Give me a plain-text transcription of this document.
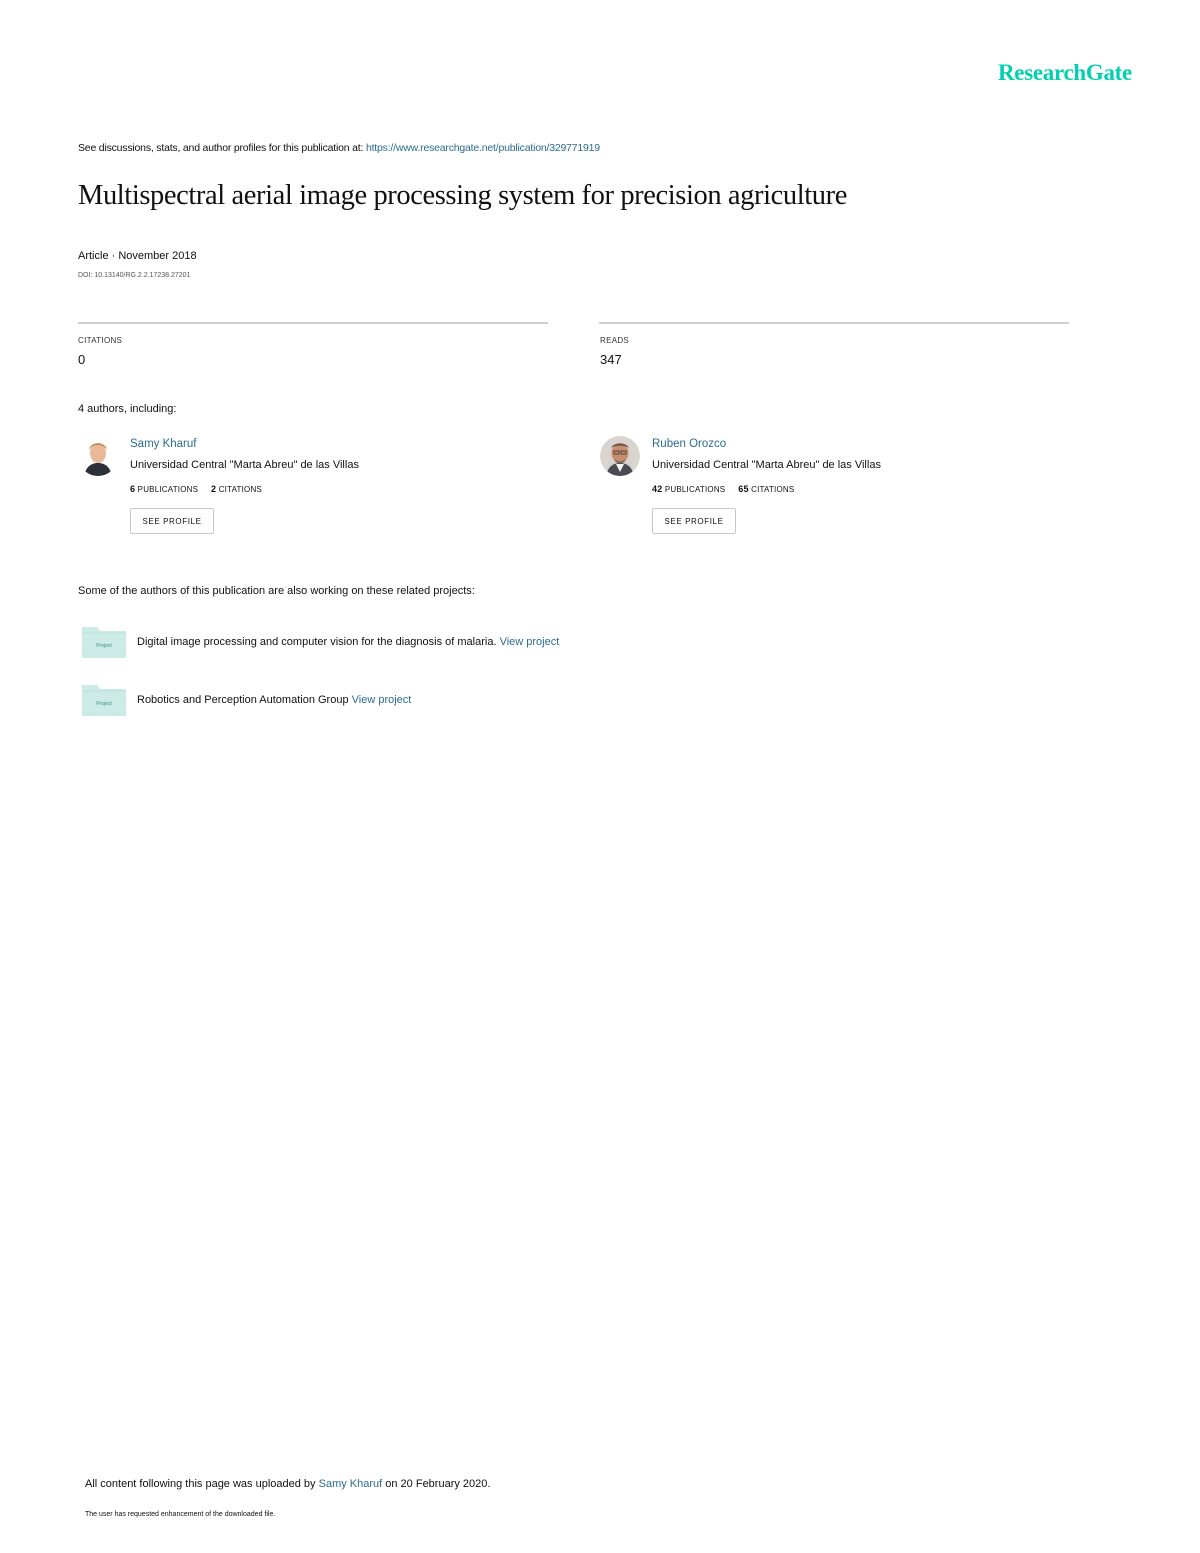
ResearchGate
See discussions, stats, and author profiles for this publication at: https://www.researchgate.net/publication/329771919
Multispectral aerial image processing system for precision agriculture
Article · November 2018
DOI: 10.13140/RG.2.2.17238.27201
CITATIONS
0
READS
347
4 authors, including:
Samy Kharuf
Universidad Central "Marta Abreu" de las Villas
6 PUBLICATIONS 2 CITATIONS
SEE PROFILE
Ruben Orozco
Universidad Central "Marta Abreu" de las Villas
42 PUBLICATIONS 65 CITATIONS
SEE PROFILE
Some of the authors of this publication are also working on these related projects:
Project Digital image processing and computer vision for the diagnosis of malaria. View project
Project Robotics and Perception Automation Group View project
All content following this page was uploaded by Samy Kharuf on 20 February 2020.
The user has requested enhancement of the downloaded file.
